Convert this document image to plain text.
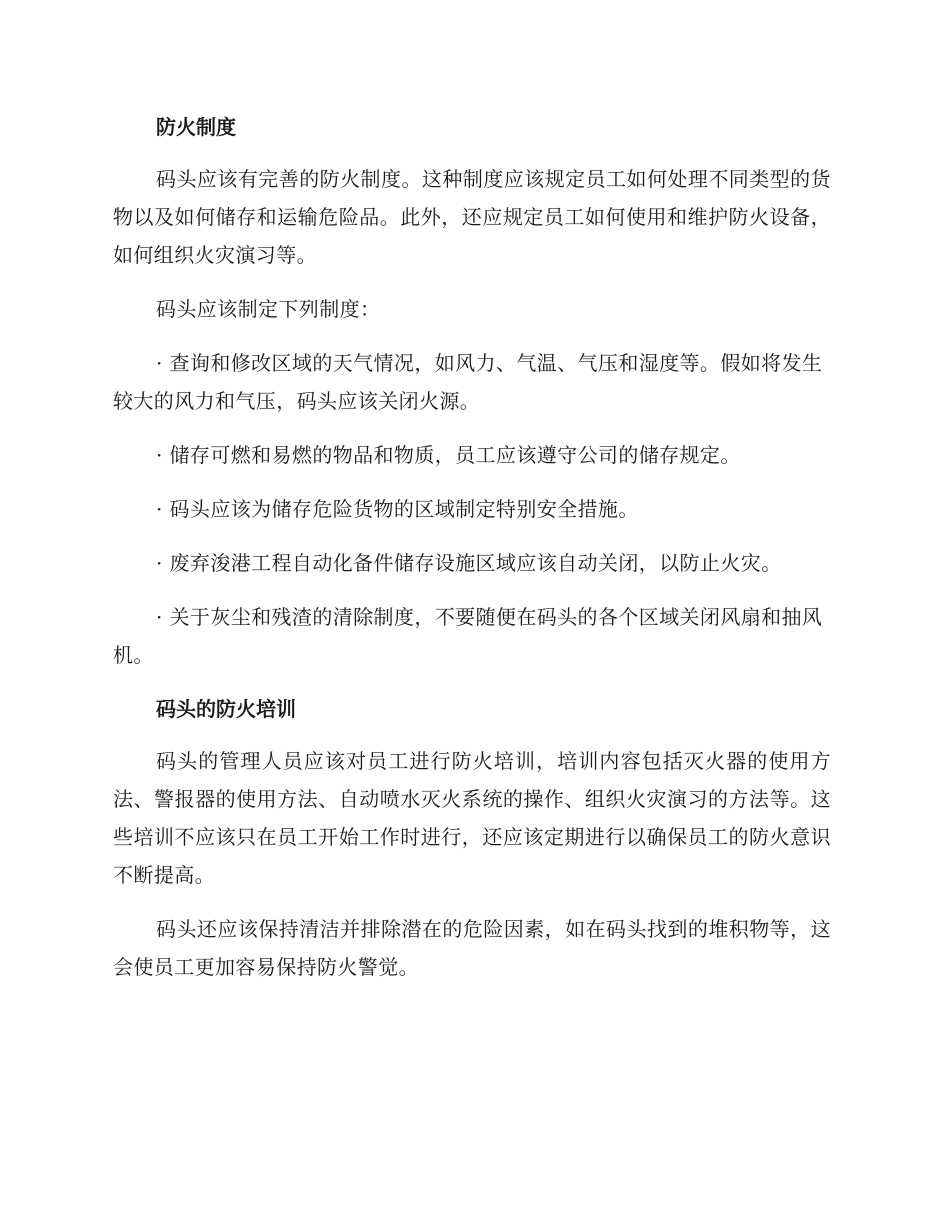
防火制度

码头应该有完善的防火制度。这种制度应该规定员工如何处理不同类型的货物以及如何储存和运输危险品。此外，还应规定员工如何使用和维护防火设备，如何组织火灾演习等。

码头应该制定下列制度：

· 查询和修改区域的天气情况，如风力、气温、气压和湿度等。假如将发生较大的风力和气压，码头应该关闭火源。

· 储存可燃和易燃的物品和物质，员工应该遵守公司的储存规定。

· 码头应该为储存危险货物的区域制定特别安全措施。

· 废弃浚港工程自动化备件储存设施区域应该自动关闭，以防止火灾。

· 关于灰尘和残渣的清除制度，不要随便在码头的各个区域关闭风扇和抽风机。

码头的防火培训

码头的管理人员应该对员工进行防火培训，培训内容包括灭火器的使用方法、警报器的使用方法、自动喷水灭火系统的操作、组织火灾演习的方法等。这些培训不应该只在员工开始工作时进行，还应该定期进行以确保员工的防火意识不断提高。

码头还应该保持清洁并排除潜在的危险因素，如在码头找到的堆积物等，这会使员工更加容易保持防火警觉。
